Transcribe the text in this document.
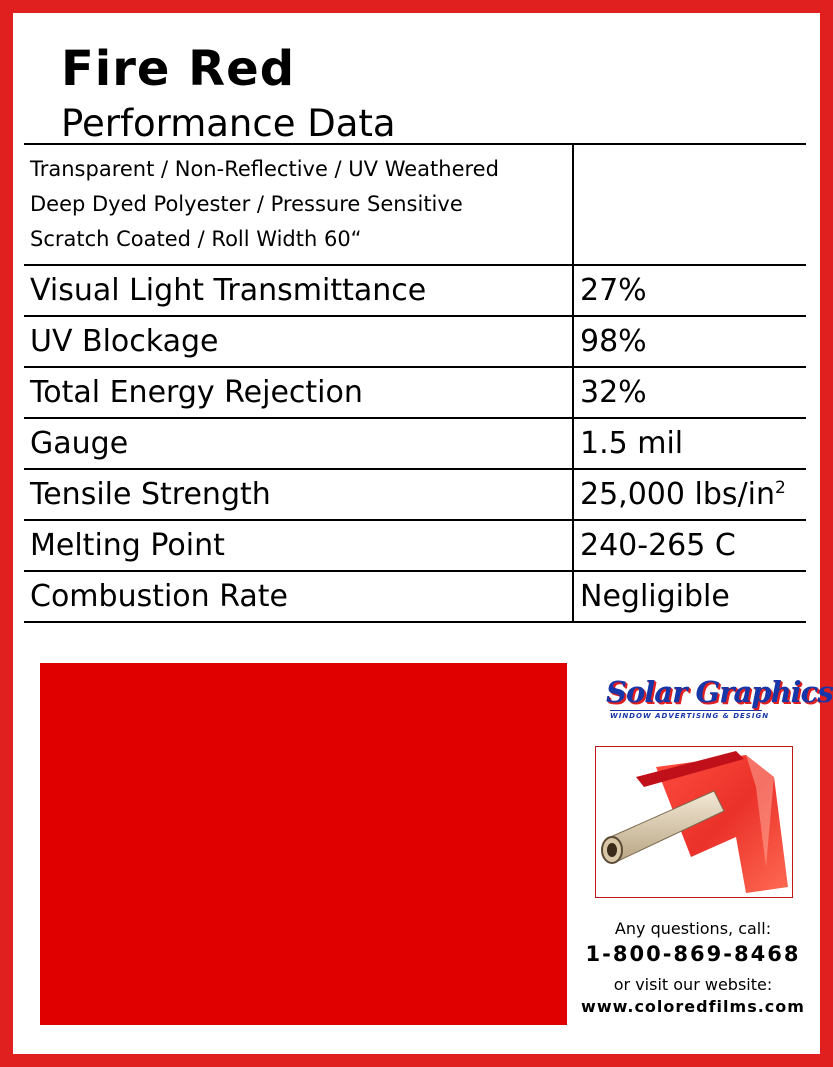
Fire Red
Performance Data
Transparent / Non-Reflective / UV Weathered
Deep Dyed Polyester / Pressure Sensitive
Scratch Coated / Roll Width 60“	

Visual Light Transmittance	27%
UV Blockage	98%
Total Energy Rejection	32%
Gauge	1.5 mil
Tensile Strength	25,000 lbs/$in^2$
Melting Point	240-265 C
Combustion Rate	Negligible
Solar Graphics
WINDOW ADVERTISING & DESIGN
Any questions, call:
1-800-869-8468
or visit our website:
www.coloredfilms.com
